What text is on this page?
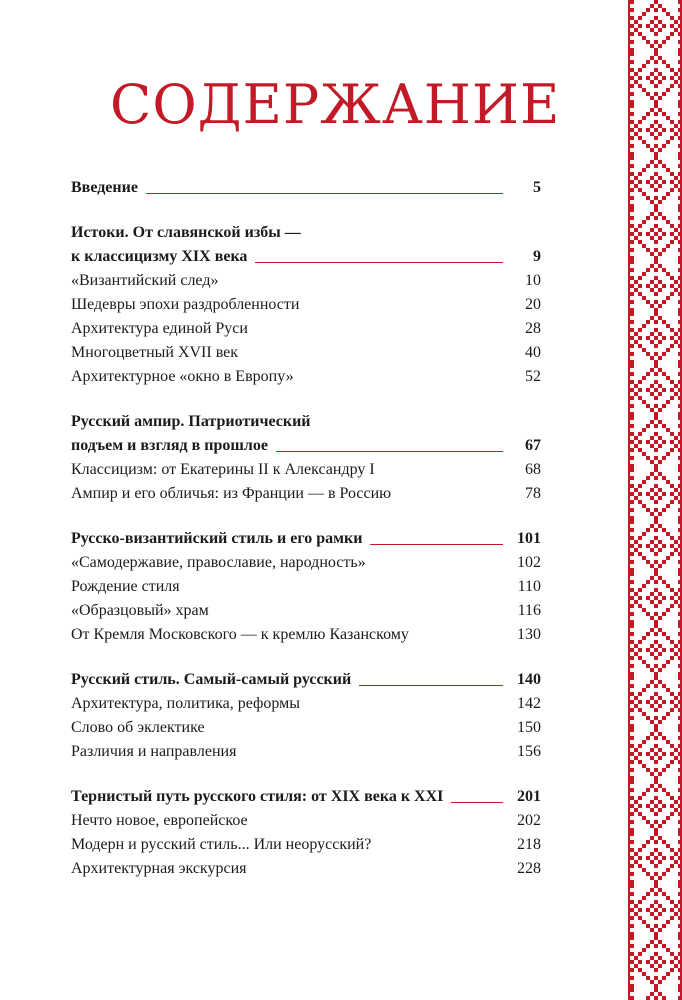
СОДЕРЖАНИЕ
Введение	5
Истоки. От славянской избы —
к классицизму XIX века	9
«Византийский след»	10
Шедевры эпохи раздробленности	20
Архитектура единой Руси	28
Многоцветный XVII век	40
Архитектурное «окно в Европу»	52
Русский ампир. Патриотический
подъем и взгляд в прошлое	67
Классицизм: от Екатерины II к Александру I	68
Ампир и его обличья: из Франции — в Россию	78
Русско-византийский стиль и его рамки	101
«Самодержавие, православие, народность»	102
Рождение стиля	110
«Образцовый» храм	116
От Кремля Московского — к кремлю Казанскому	130
Русский стиль. Самый-самый русский	140
Архитектура, политика, реформы	142
Слово об эклектике	150
Различия и направления	156
Тернистый путь русского стиля: от XIX века к XXI	201
Нечто новое, европейское	202
Модерн и русский стиль... Или неорусский?	218
Архитектурная экскурсия	228
